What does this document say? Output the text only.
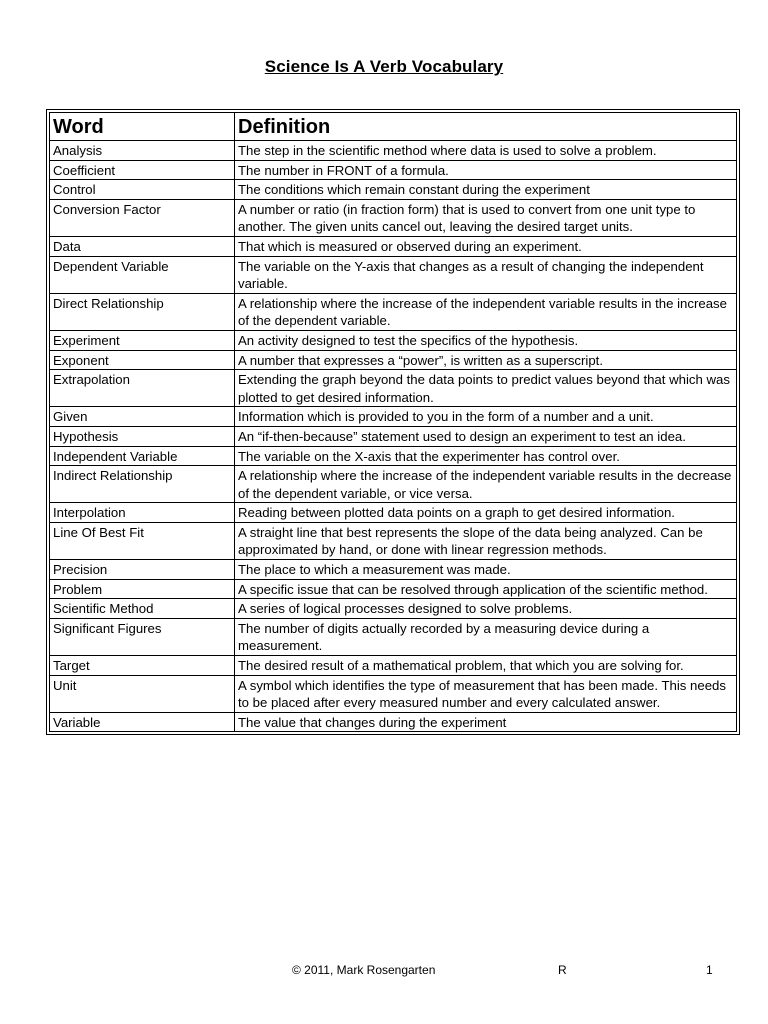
Science Is A Verb Vocabulary
Word	Definition
Analysis	The step in the scientific method where data is used to solve a problem.
Coefficient	The number in FRONT of a formula.
Control	The conditions which remain constant during the experiment
Conversion Factor	A number or ratio (in fraction form) that is used to convert from one unit type to another. The given units cancel out, leaving the desired target units.
Data	That which is measured or observed during an experiment.
Dependent Variable	The variable on the Y-axis that changes as a result of changing the independent variable.
Direct Relationship	A relationship where the increase of the independent variable results in the increase of the dependent variable.
Experiment	An activity designed to test the specifics of the hypothesis.
Exponent	A number that expresses a “power”, is written as a superscript.
Extrapolation	Extending the graph beyond the data points to predict values beyond that which was plotted to get desired information.
Given	Information which is provided to you in the form of a number and a unit.
Hypothesis	An “if-then-because” statement used to design an experiment to test an idea.
Independent Variable	The variable on the X-axis that the experimenter has control over.
Indirect Relationship	A relationship where the increase of the independent variable results in the decrease of the dependent variable, or vice versa.
Interpolation	Reading between plotted data points on a graph to get desired information.
Line Of Best Fit	A straight line that best represents the slope of the data being analyzed. Can be approximated by hand, or done with linear regression methods.
Precision	The place to which a measurement was made.
Problem	A specific issue that can be resolved through application of the scientific method.
Scientific Method	A series of logical processes designed to solve problems.
Significant Figures	The number of digits actually recorded by a measuring device during a measurement.
Target	The desired result of a mathematical problem, that which you are solving for.
Unit	A symbol which identifies the type of measurement that has been made. This needs to be placed after every measured number and every calculated answer.
Variable	The value that changes during the experiment
© 2011, Mark Rosengarten	R	1
